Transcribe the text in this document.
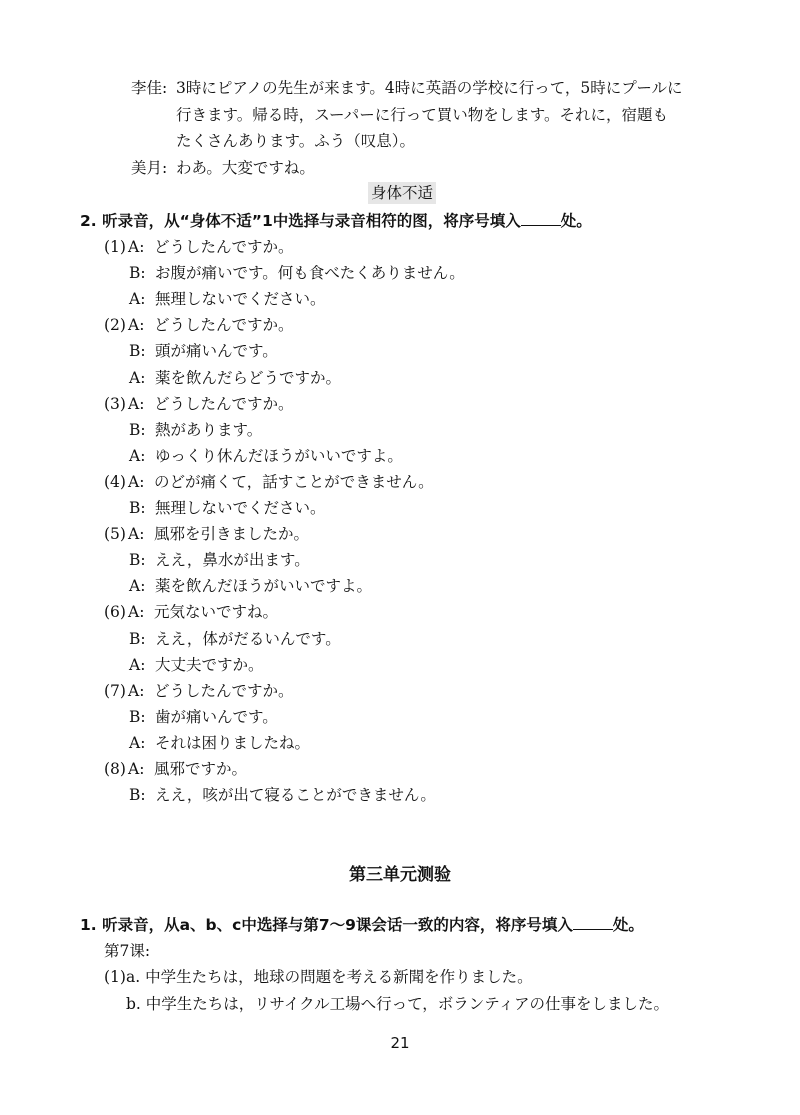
李佳: 3時にピアノの先生が来ます。4時に英語の学校に行って，5時にプールに
行きます。帰る時，スーパーに行って買い物をします。それに，宿題も
たくさんあります。ふう（叹息）。
美月: わあ。大変ですね。
身体不适
2. 听录音，从“身体不适”1中选择与录音相符的图，将序号填入	处。
(1) A: どうしたんですか。
B: お腹が痛いです。何も食べたくありません。
A: 無理しないでください。
(2) A: どうしたんですか。
B: 頭が痛いんです。
A: 薬を飲んだらどうですか。
(3) A: どうしたんですか。
B: 熱があります。
A: ゆっくり休んだほうがいいですよ。
(4) A: のどが痛くて，話すことができません。
B: 無理しないでください。
(5) A: 風邪を引きましたか。
B: ええ，鼻水が出ます。
A: 薬を飲んだほうがいいですよ。
(6) A: 元気ないですね。
B: ええ，体がだるいんです。
A: 大丈夫ですか。
(7) A: どうしたんですか。
B: 歯が痛いんです。
A: それは困りましたね。
(8) A: 風邪ですか。
B: ええ，咳が出て寝ることができません。
第三单元测验
1. 听录音，从a、b、c中选择与第7～9课会话一致的内容，将序号填入	处。
第7课:
(1)a. 中学生たちは，地球の問題を考える新聞を作りました。
b. 中学生たちは，リサイクル工場へ行って，ボランティアの仕事をしました。
21
